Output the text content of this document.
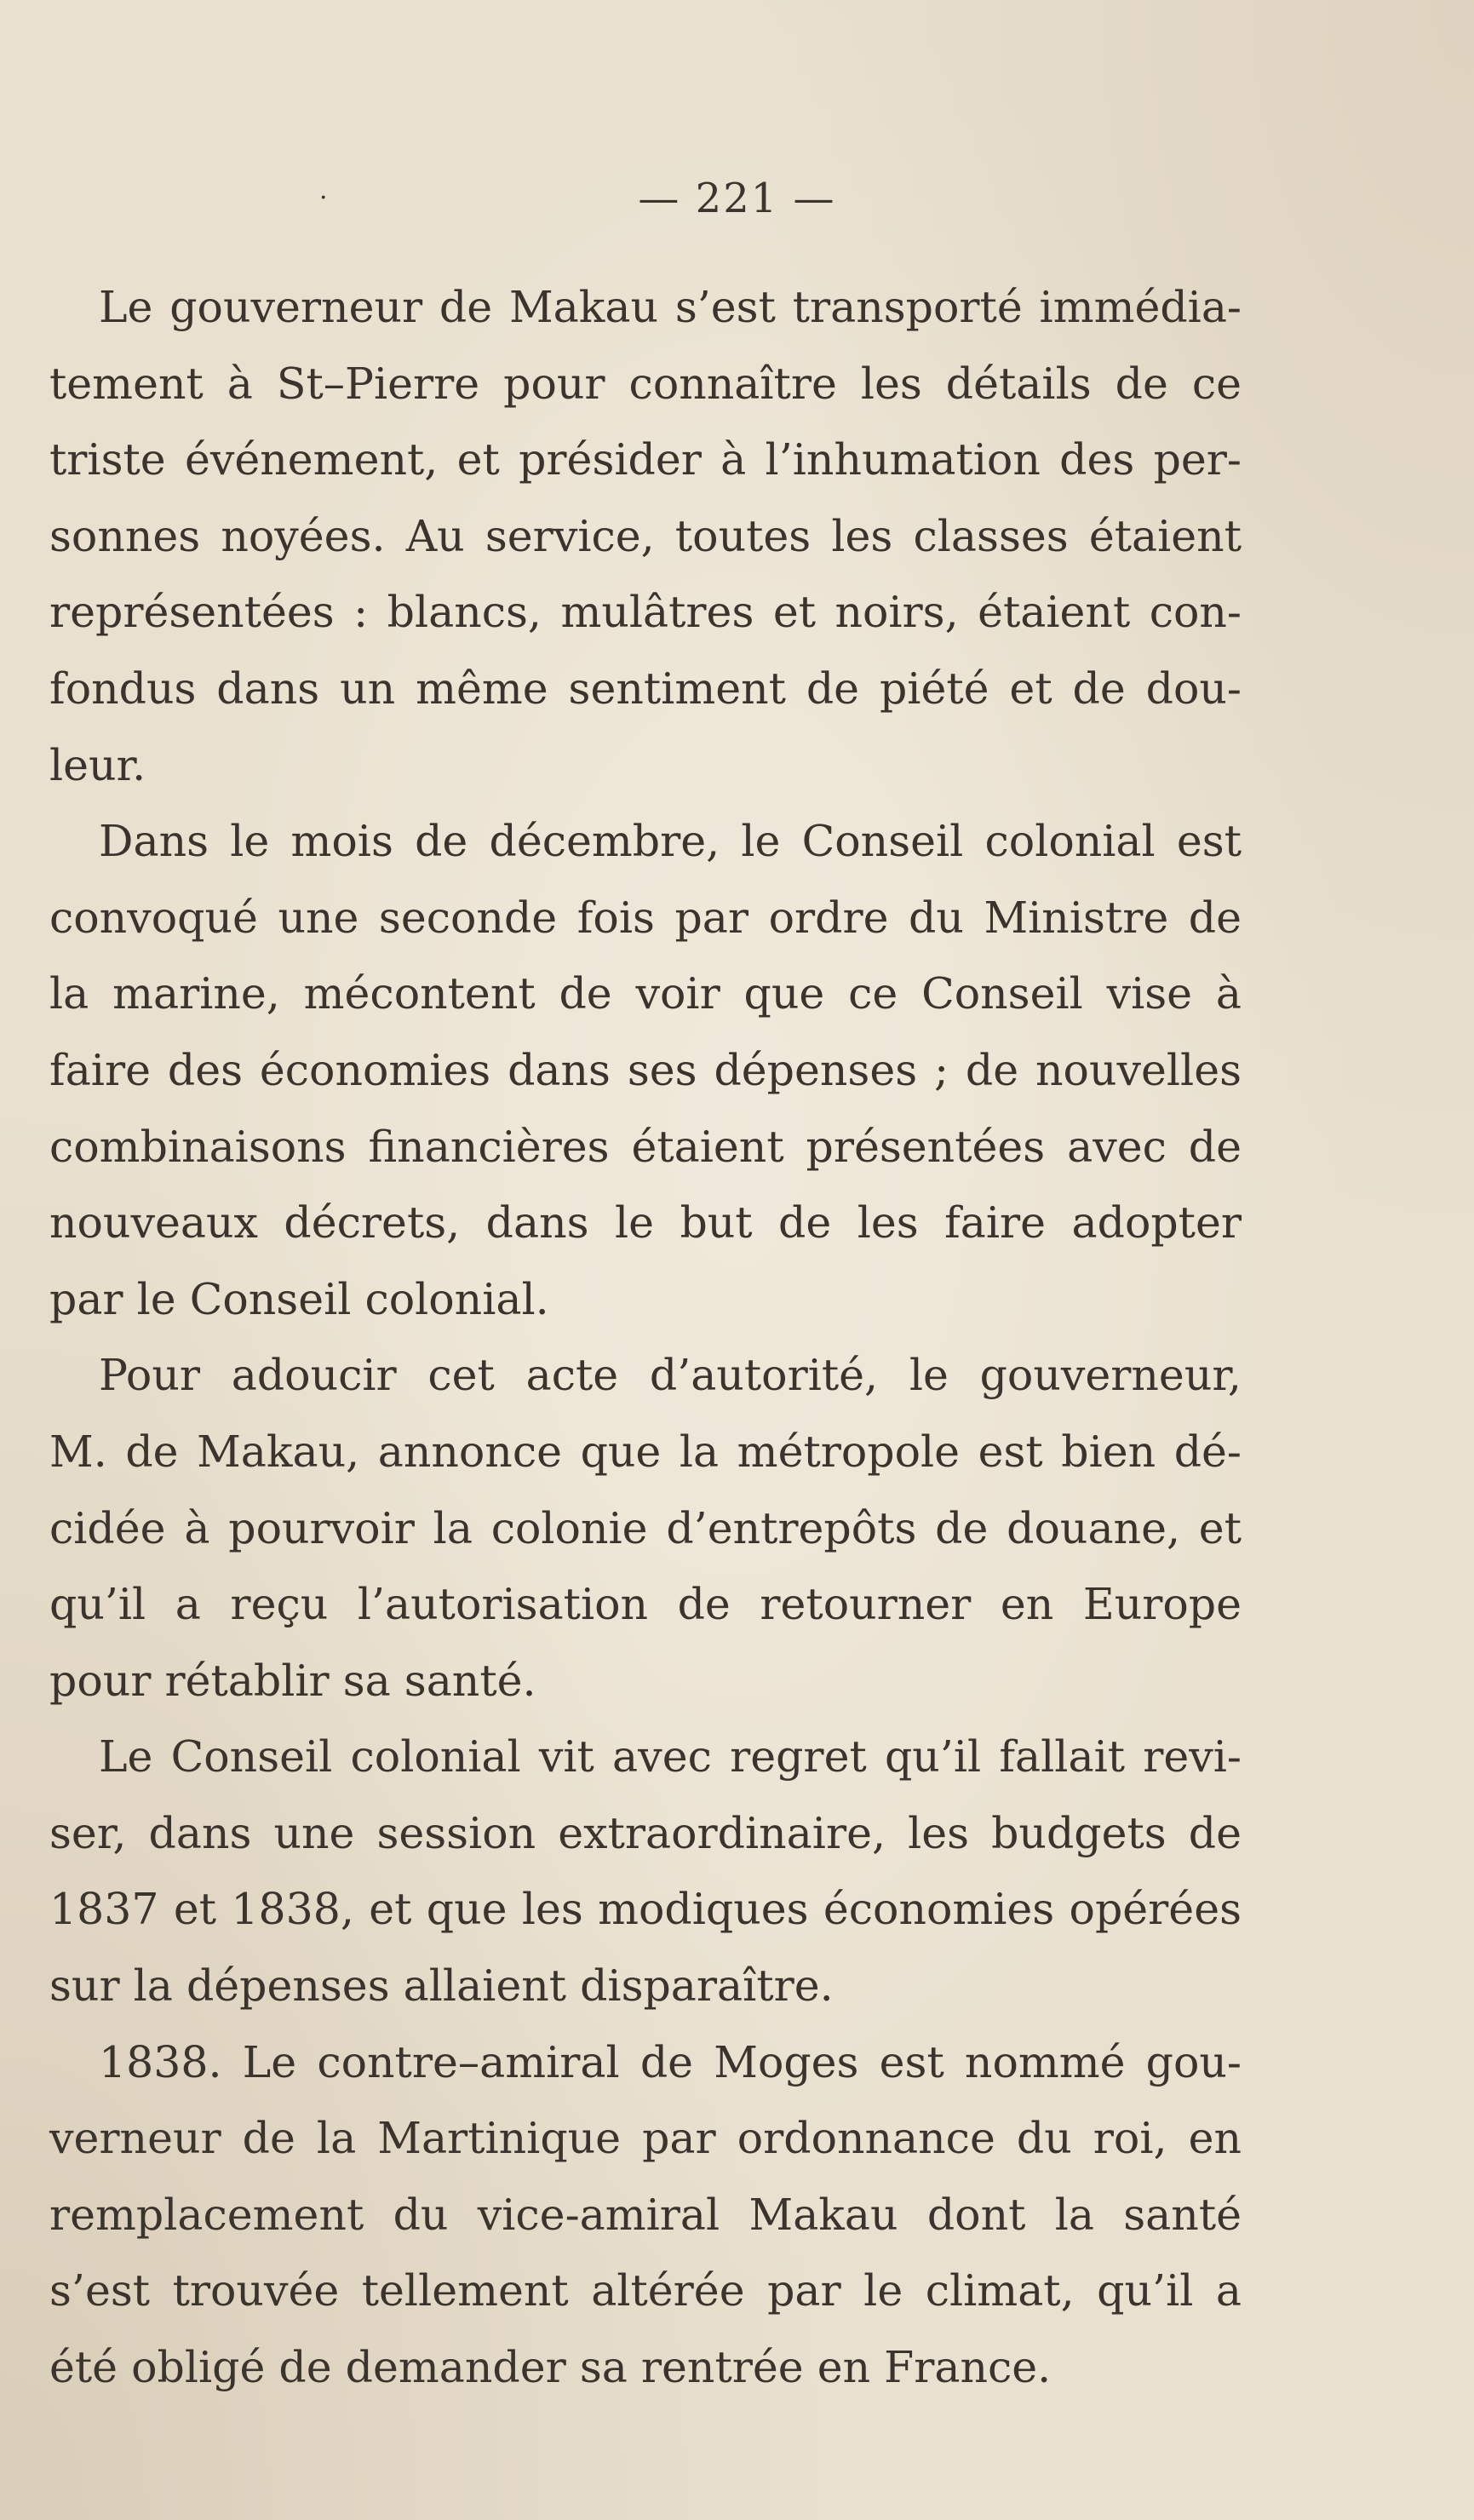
·	— 221 —
Le gouverneur de Makau s’est transporté immédia-
tement à St–Pierre pour connaître les détails de ce
triste événement, et présider à l’inhumation des per-
sonnes noyées. Au service, toutes les classes étaient
représentées : blancs, mulâtres et noirs, étaient con-
fondus dans un même sentiment de piété et de dou-
leur.
Dans le mois de décembre, le Conseil colonial est
convoqué une seconde fois par ordre du Ministre de
la marine, mécontent de voir que ce Conseil vise à
faire des économies dans ses dépenses ; de nouvelles
combinaisons financières étaient présentées avec de
nouveaux décrets, dans le but de les faire adopter
par le Conseil colonial.
Pour adoucir cet acte d’autorité, le gouverneur,
M. de Makau, annonce que la métropole est bien dé-
cidée à pourvoir la colonie d’entrepôts de douane, et
qu’il a reçu l’autorisation de retourner en Europe
pour rétablir sa santé.
Le Conseil colonial vit avec regret qu’il fallait revi-
ser, dans une session extraordinaire, les budgets de
1837 et 1838, et que les modiques économies opérées
sur la dépenses allaient disparaître.
1838. Le contre–amiral de Moges est nommé gou-
verneur de la Martinique par ordonnance du roi, en
remplacement du vice-amiral Makau dont la santé
s’est trouvée tellement altérée par le climat, qu’il a
été obligé de demander sa rentrée en France.
